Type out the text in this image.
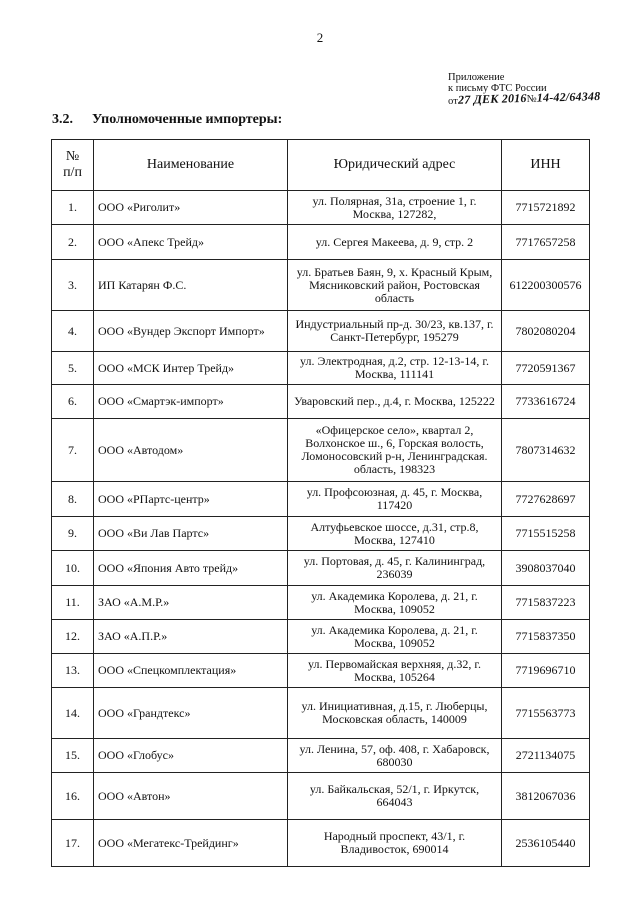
2
Приложение
к письму ФТС России
от27 ДЕК 2016№14-42/64348
3.2. Уполномоченные импортеры:
№
п/п	Наименование	Юридический адрес	ИНН
1.	ООО «Риголит»	ул. Полярная, 31а, строение 1, г. Москва, 127282,	7715721892
2.	ООО «Апекс Трейд»	ул. Сергея Макеева, д. 9, стр. 2	7717657258
3.	ИП Катарян Ф.С.	ул. Братьев Баян, 9, х. Красный Крым, Мясниковский район, Ростовская область	612200300576
4.	ООО «Вундер Экспорт Импорт»	Индустриальный пр-д. 30/23, кв.137, г. Санкт-Петербург, 195279	7802080204
5.	ООО «МСК Интер Трейд»	ул. Электродная, д.2, стр. 12-13-14, г. Москва, 111141	7720591367
6.	ООО «Смартэк-импорт»	Уваровский пер., д.4, г. Москва, 125222	7733616724
7.	ООО «Автодом»	«Офицерское село», квартал 2, Волхонское ш., 6, Горская волость, Ломоносовский р-н, Ленинградская. область, 198323	7807314632
8.	ООО «РПартс-центр»	ул. Профсоюзная, д. 45, г. Москва, 117420	7727628697
9.	ООО «Ви Лав Партс»	Алтуфьевское шоссе, д.31, стр.8, Москва, 127410	7715515258
10.	ООО «Япония Авто трейд»	ул. Портовая, д. 45, г. Калининград, 236039	3908037040
11.	ЗАО «А.М.Р.»	ул. Академика Королева, д. 21, г. Москва, 109052	7715837223
12.	ЗАО «А.П.Р.»	ул. Академика Королева, д. 21, г. Москва, 109052	7715837350
13.	ООО «Спецкомплектация»	ул. Первомайская верхняя, д.32, г. Москва, 105264	7719696710
14.	ООО «Грандтекс»	ул. Инициативная, д.15, г. Люберцы, Московская область, 140009	7715563773
15.	ООО «Глобус»	ул. Ленина, 57, оф. 408, г. Хабаровск, 680030	2721134075
16.	ООО «Автон»	ул. Байкальская, 52/1, г. Иркутск, 664043	3812067036
17.	ООО «Мегатекс-Трейдинг»	Народный проспект, 43/1, г. Владивосток, 690014	2536105440
